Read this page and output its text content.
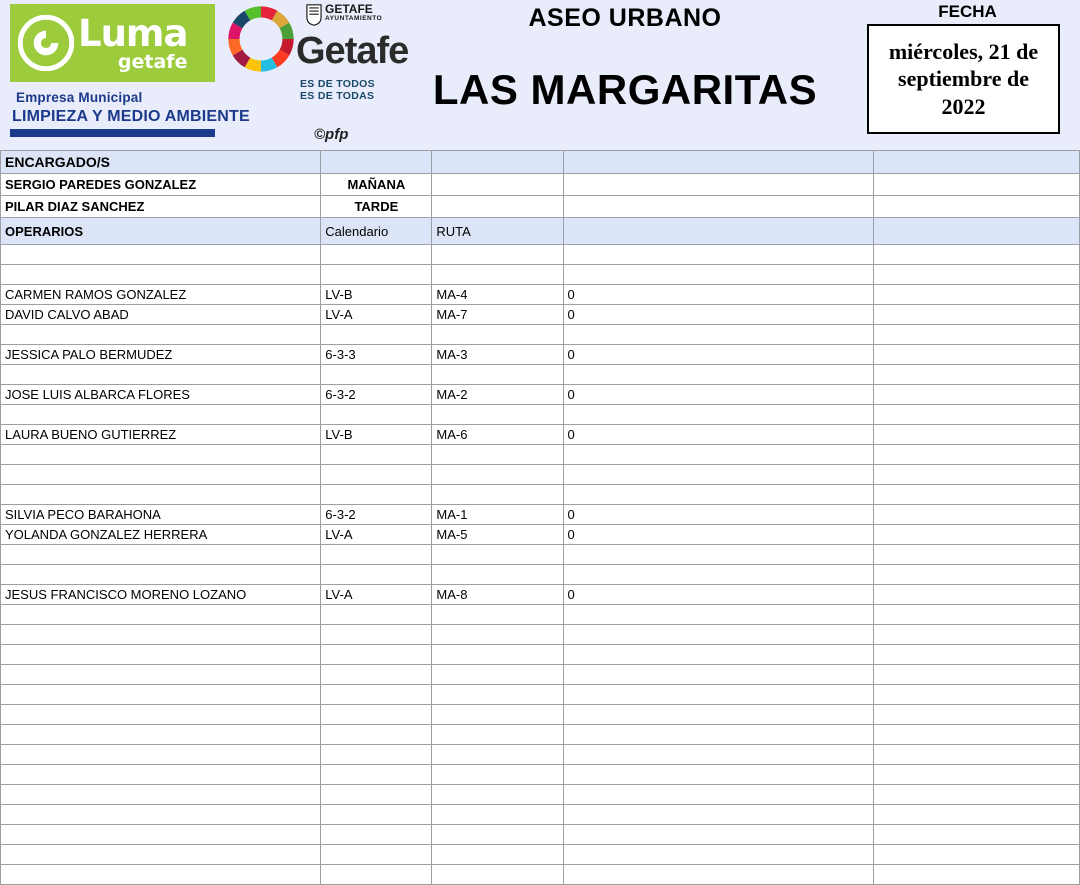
Luma
getafe
Empresa Municipal
LIMPIEZA Y MEDIO AMBIENTE
GETAFE
AYUNTAMIENTO
Getafe
ES DE TODOS
ES DE TODAS
©pfp
ASEO URBANO
LAS MARGARITAS
FECHA
miércoles, 21 de septiembre de 2022
ENCARGADO/S				
SERGIO PAREDES GONZALEZ	MAÑANA			
PILAR DIAZ SANCHEZ	TARDE			
OPERARIOS	Calendario	RUTA		

CARMEN RAMOS GONZALEZ	LV-B	MA-4	0	
DAVID CALVO ABAD	LV-A	MA-7	0	

JESSICA PALO BERMUDEZ	6-3-3	MA-3	0	

JOSE LUIS ALBARCA FLORES	6-3-2	MA-2	0	

LAURA BUENO GUTIERREZ	LV-B	MA-6	0	

SILVIA PECO BARAHONA	6-3-2	MA-1	0	
YOLANDA GONZALEZ HERRERA	LV-A	MA-5	0	

JESUS FRANCISCO MORENO LOZANO	LV-A	MA-8	0	
